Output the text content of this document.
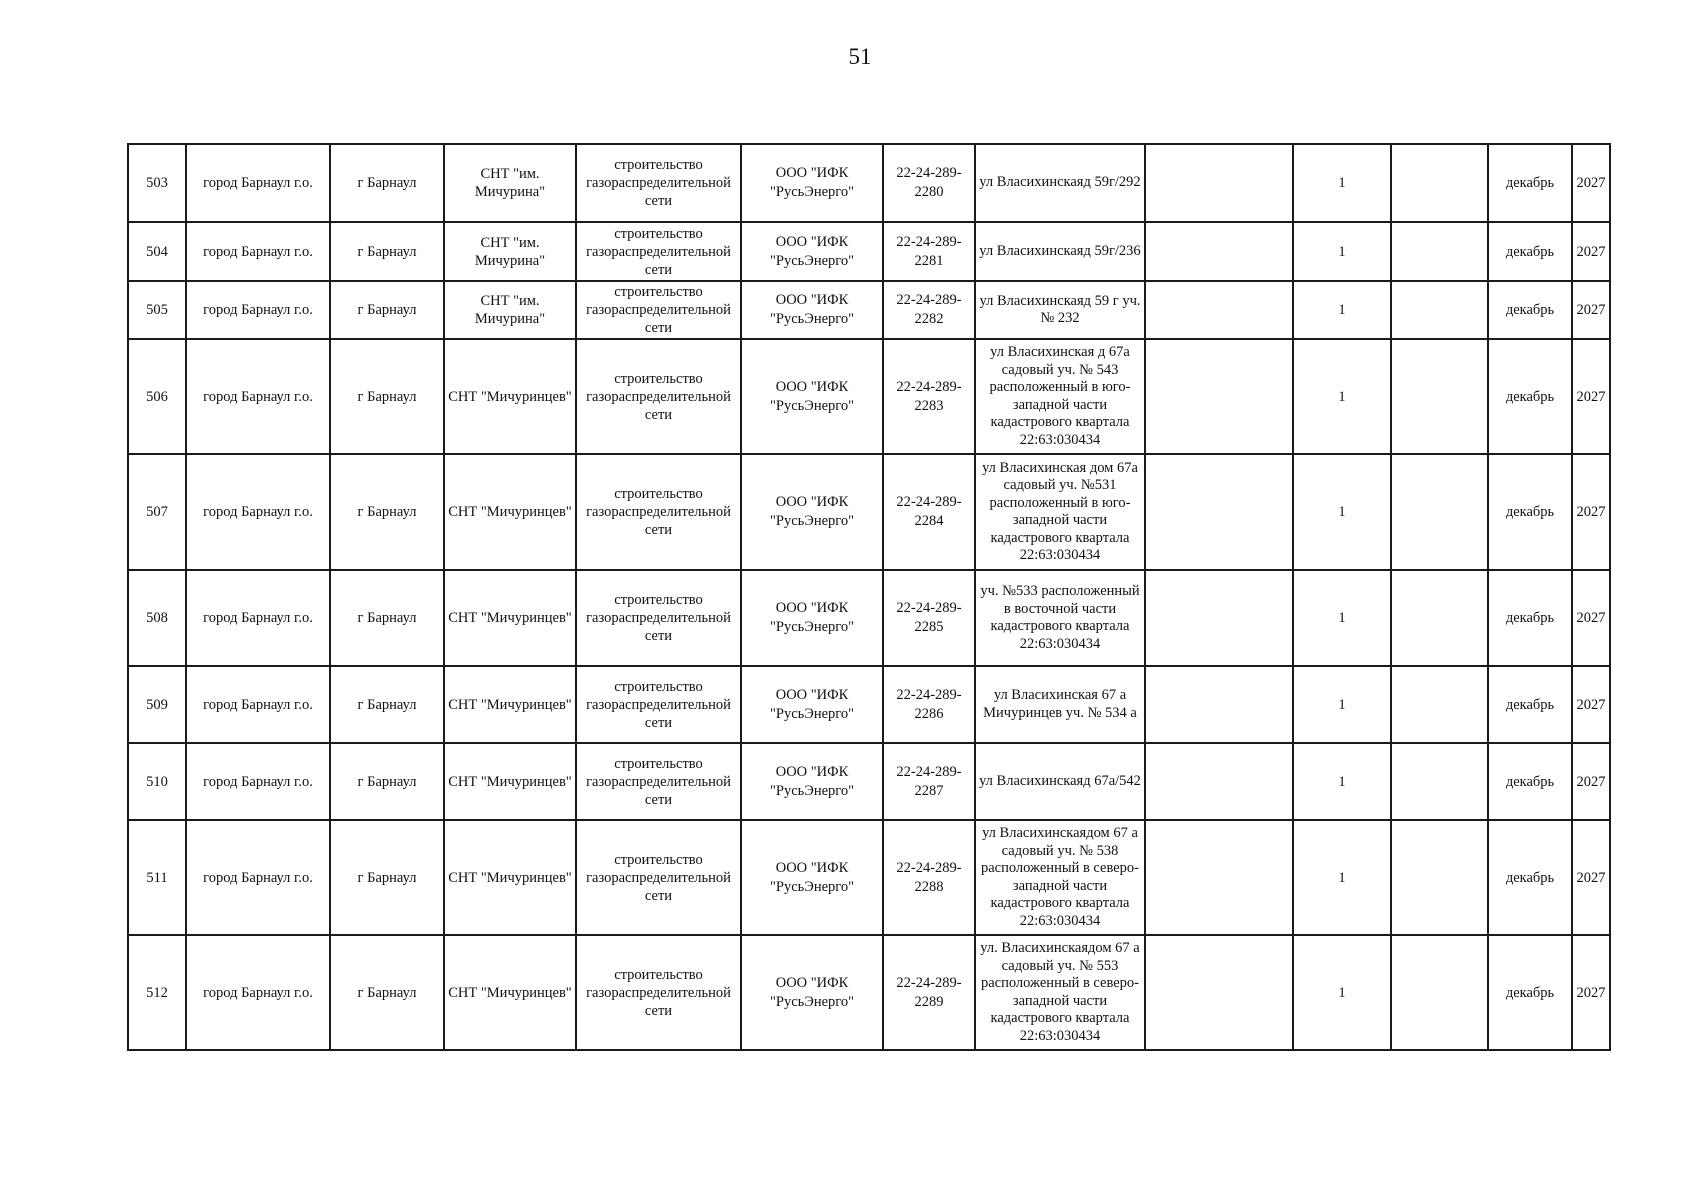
51
503	город Барнаул г.о.	г Барнаул	СНТ "им. Мичурина"	строительство газораспределительной сети	ООО "ИФК "РусьЭнерго"	22-24-289-2280	ул Власихинскаяд 59г/292		1		декабрь	2027
504	город Барнаул г.о.	г Барнаул	СНТ "им. Мичурина"	строительство газораспределительной сети	ООО "ИФК "РусьЭнерго"	22-24-289-2281	ул Власихинскаяд 59г/236		1		декабрь	2027
505	город Барнаул г.о.	г Барнаул	СНТ "им. Мичурина"	строительство газораспределительной сети	ООО "ИФК "РусьЭнерго"	22-24-289-2282	ул Власихинскаяд 59 г уч. № 232		1		декабрь	2027
506	город Барнаул г.о.	г Барнаул	СНТ "Мичуринцев"	строительство газораспределительной сети	ООО "ИФК "РусьЭнерго"	22-24-289-2283	ул Власихинская д 67а садовый уч. № 543 расположенный в юго-западной части кадастрового квартала 22:63:030434		1		декабрь	2027
507	город Барнаул г.о.	г Барнаул	СНТ "Мичуринцев"	строительство газораспределительной сети	ООО "ИФК "РусьЭнерго"	22-24-289-2284	ул Власихинская дом 67а садовый уч. №531 расположенный в юго-западной части кадастрового квартала 22:63:030434		1		декабрь	2027
508	город Барнаул г.о.	г Барнаул	СНТ "Мичуринцев"	строительство газораспределительной сети	ООО "ИФК "РусьЭнерго"	22-24-289-2285	уч. №533 расположенный в восточной части кадастрового квартала 22:63:030434		1		декабрь	2027
509	город Барнаул г.о.	г Барнаул	СНТ "Мичуринцев"	строительство газораспределительной сети	ООО "ИФК "РусьЭнерго"	22-24-289-2286	ул Власихинская 67 а Мичуринцев уч. № 534 а		1		декабрь	2027
510	город Барнаул г.о.	г Барнаул	СНТ "Мичуринцев"	строительство газораспределительной сети	ООО "ИФК "РусьЭнерго"	22-24-289-2287	ул Власихинскаяд 67а/542		1		декабрь	2027
511	город Барнаул г.о.	г Барнаул	СНТ "Мичуринцев"	строительство газораспределительной сети	ООО "ИФК "РусьЭнерго"	22-24-289-2288	ул Власихинскаядом 67 а садовый уч. № 538 расположенный в северо-западной части кадастрового квартала 22:63:030434		1		декабрь	2027
512	город Барнаул г.о.	г Барнаул	СНТ "Мичуринцев"	строительство газораспределительной сети	ООО "ИФК "РусьЭнерго"	22-24-289-2289	ул. Власихинскаядом 67 а садовый уч. № 553 расположенный в северо-западной части кадастрового квартала 22:63:030434		1		декабрь	2027
